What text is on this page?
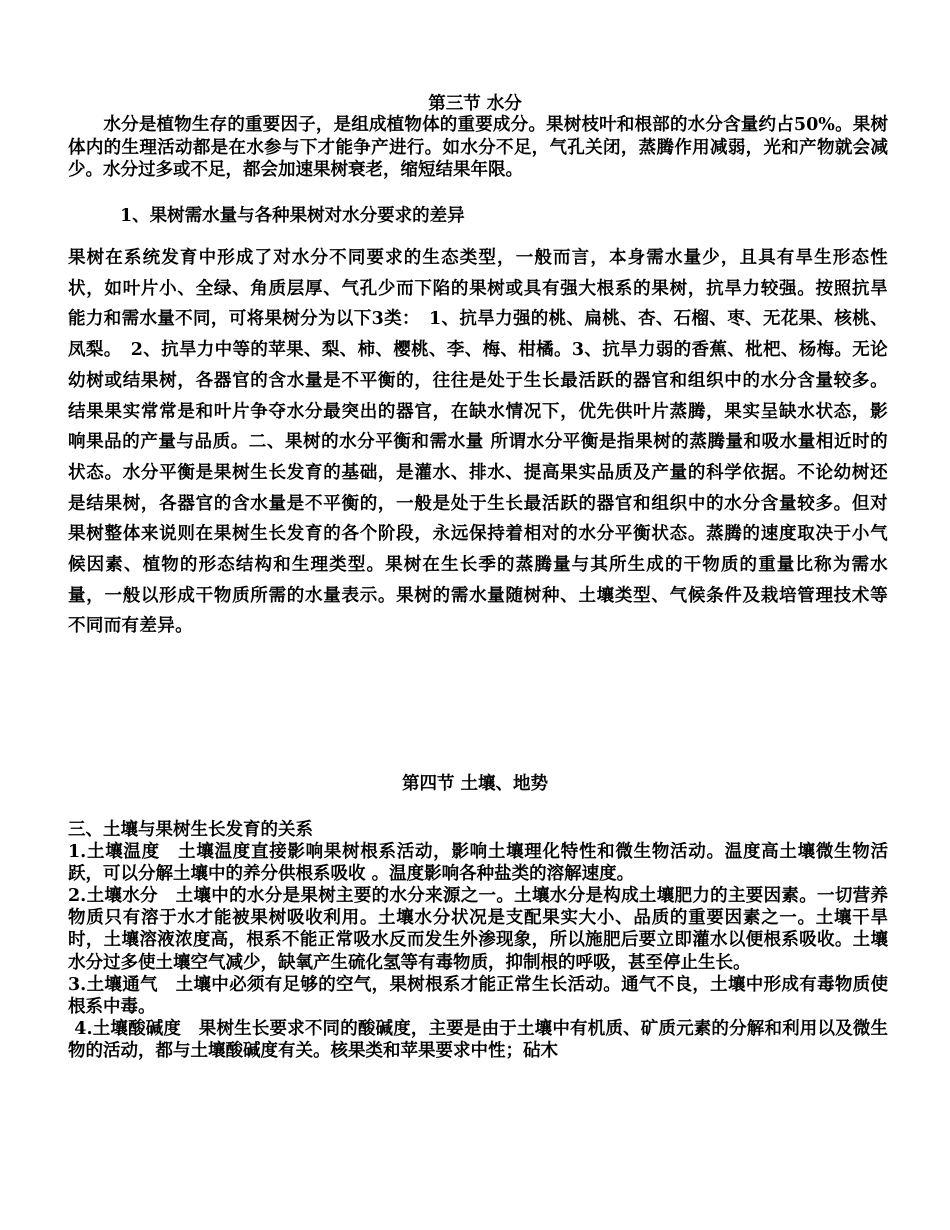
第三节 水分

　　水分是植物生存的重要因子，是组成植物体的重要成分。果树枝叶和根部的水分含量约占50%。果树体内的生理活动都是在水参与下才能争产进行。如水分不足，气孔关闭，蒸腾作用减弱，光和产物就会减少。水分过多或不足，都会加速果树衰老，缩短结果年限。

1、果树需水量与各种果树对水分要求的差异

果树在系统发育中形成了对水分不同要求的生态类型，一般而言，本身需水量少，且具有旱生形态性状，如叶片小、全绿、角质层厚、气孔少而下陷的果树或具有强大根系的果树，抗旱力较强。按照抗旱能力和需水量不同，可将果树分为以下3类：　1、抗旱力强的桃、扁桃、杏、石榴、枣、无花果、核桃、凤梨。　2、抗旱力中等的苹果、梨、柿、樱桃、李、梅、柑橘。3、抗旱力弱的香蕉、枇杷、杨梅。无论幼树或结果树，各器官的含水量是不平衡的，往往是处于生长最活跃的器官和组织中的水分含量较多。结果果实常常是和叶片争夺水分最突出的器官，在缺水情况下，优先供叶片蒸腾，果实呈缺水状态，影响果品的产量与品质。二、果树的水分平衡和需水量 所谓水分平衡是指果树的蒸腾量和吸水量相近时的状态。水分平衡是果树生长发育的基础，是灌水、排水、提高果实品质及产量的科学依据。不论幼树还是结果树，各器官的含水量是不平衡的，一般是处于生长最活跃的器官和组织中的水分含量较多。但对果树整体来说则在果树生长发育的各个阶段，永远保持着相对的水分平衡状态。蒸腾的速度取决于小气候因素、植物的形态结构和生理类型。果树在生长季的蒸腾量与其所生成的干物质的重量比称为需水量，一般以形成干物质所需的水量表示。果树的需水量随树种、土壤类型、气候条件及栽培管理技术等不同而有差异。

第四节 土壤、地势
三、土壤与果树生长发育的关系
1.土壤温度　土壤温度直接影响果树根系活动，影响土壤理化特性和微生物活动。温度高土壤微生物活跃，可以分解土壤中的养分供根系吸收 。温度影响各种盐类的溶解速度。
2.土壤水分　土壤中的水分是果树主要的水分来源之一。土壤水分是构成土壤肥力的主要因素。一切营养物质只有溶于水才能被果树吸收利用。土壤水分状况是支配果实大小、品质的重要因素之一。土壤干旱时，土壤溶液浓度高，根系不能正常吸水反而发生外渗现象，所以施肥后要立即灌水以便根系吸收。土壤水分过多使土壤空气减少，缺氧产生硫化氢等有毒物质，抑制根的呼吸，甚至停止生长。
3.土壤通气　土壤中必须有足够的空气，果树根系才能正常生长活动。通气不良，土壤中形成有毒物质使根系中毒。
4.土壤酸碱度　果树生长要求不同的酸碱度，主要是由于土壤中有机质、矿质元素的分解和利用以及微生物的活动，都与土壤酸碱度有关。核果类和苹果要求中性；砧木
